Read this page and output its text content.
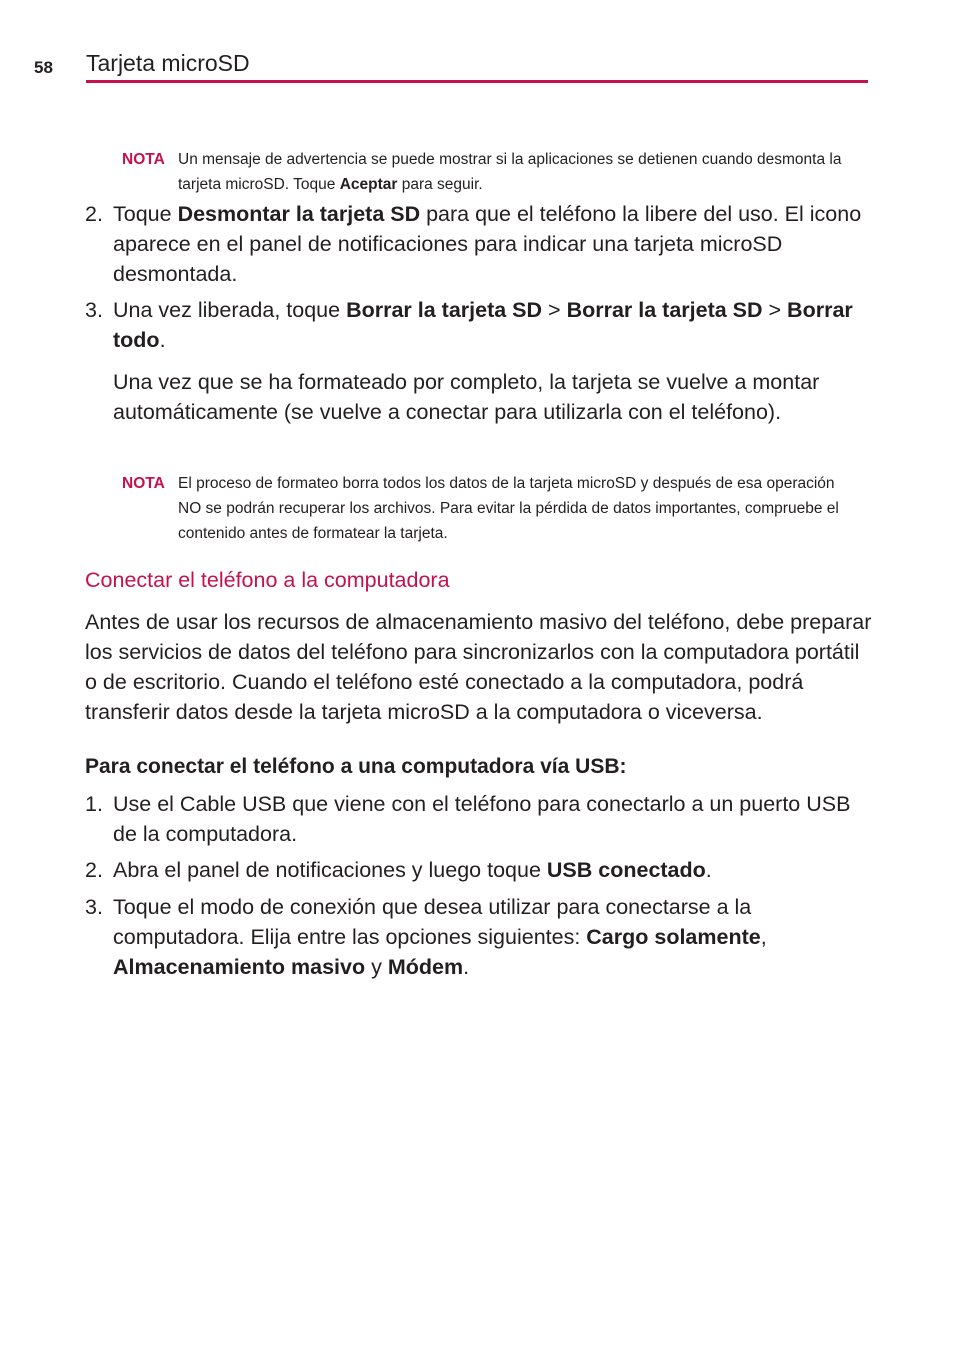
58 Tarjeta microSD
NOTA Un mensaje de advertencia se puede mostrar si la aplicaciones se detienen cuando desmonta la tarjeta microSD. Toque Aceptar para seguir.
2. Toque Desmontar la tarjeta SD para que el teléfono la libere del uso. El icono aparece en el panel de notificaciones para indicar una tarjeta microSD desmontada.
3. Una vez liberada, toque Borrar la tarjeta SD > Borrar la tarjeta SD > Borrar todo.
Una vez que se ha formateado por completo, la tarjeta se vuelve a montar automáticamente (se vuelve a conectar para utilizarla con el teléfono).
NOTA El proceso de formateo borra todos los datos de la tarjeta microSD y después de esa operación NO se podrán recuperar los archivos. Para evitar la pérdida de datos importantes, compruebe el contenido antes de formatear la tarjeta.
Conectar el teléfono a la computadora
Antes de usar los recursos de almacenamiento masivo del teléfono, debe preparar los servicios de datos del teléfono para sincronizarlos con la computadora portátil o de escritorio. Cuando el teléfono esté conectado a la computadora, podrá transferir datos desde la tarjeta microSD a la computadora o viceversa.
Para conectar el teléfono a una computadora vía USB:
1. Use el Cable USB que viene con el teléfono para conectarlo a un puerto USB de la computadora.
2. Abra el panel de notificaciones y luego toque USB conectado.
3. Toque el modo de conexión que desea utilizar para conectarse a la computadora. Elija entre las opciones siguientes: Cargo solamente, Almacenamiento masivo y Módem.
